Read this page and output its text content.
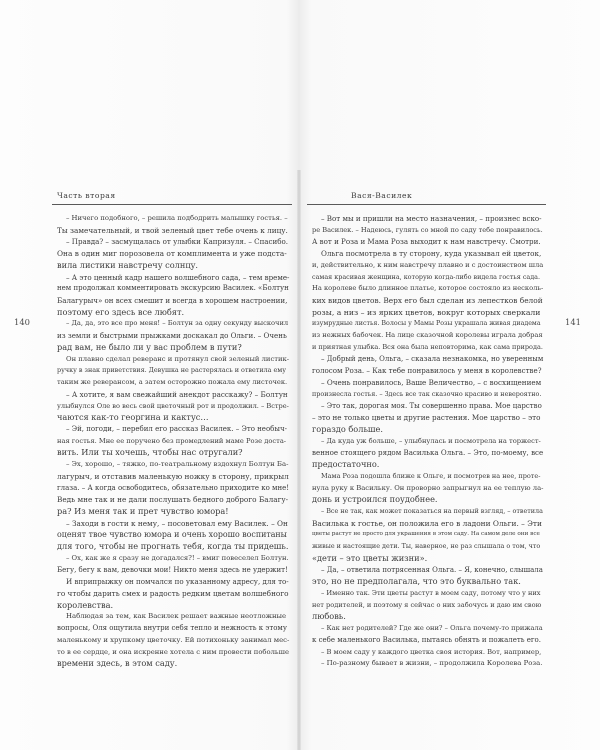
Часть вторая
140
– Ничего подобного, – решила подбодрить малышку гостья. –
Ты замечательный, и твой зеленый цвет тебе очень к лицу.
– Правда? – засмущалась от улыбки Капризуля. – Спасибо.
Она в один миг порозовела от комплимента и уже подста-
вила листики навстречу солнцу.
– А это ценный кадр нашего волшебного сада, – тем време-
нем продолжал комментировать экскурсию Василек. «Болтун
Балагурыч» он всех смешит и всегда в хорошем настроении,
поэтому его здесь все любят.
– Да, да, это все про меня! – Болтун за одну секунду выскочил
из земли и быстрыми прыжками доскакал до Ольги. – Очень
рад вам, не было ли у вас проблем в пути?
Он плавно сделал реверанс и протянул свой зеленый листик-
ручку в знак приветствия. Девушка не растерялась и ответила ему
таким же реверансом, а затем осторожно пожала ему листочек.
– А хотите, я вам свежайший анекдот расскажу? – Болтун
улыбнулся Оле во весь свой цветочный рот и продолжил. – Встре-
чаются как-то георгина и кактус…
– Эй, погоди, – перебил его рассказ Василек. – Это необыч-
ная гостья. Мне ее поручено без промедлений маме Розе доста-
вить. Или ты хочешь, чтобы нас отругали?
– Эх, хорошо, – тяжко, по-театральному вздохнул Болтун Ба-
лагурыч, и отставив маленькую ножку в сторону, прикрыл
глаза. – А когда освободитесь, обязательно приходите ко мне!
Ведь мне так и не дали послушать бедного доброго Балагу-
ра? Из меня так и прет чувство юмора!
– Заходи в гости к нему, – посоветовал ему Василек. – Он
оценят твое чувство юмора и очень хорошо воспитаны
для того, чтобы не прогнать тебя, когда ты придешь.
– Ох, как же я сразу не догадался?! – вмиг повеселел Болтун.
Бегу, бегу к вам, девочки мои! Никто меня здесь не удержит!
И вприпрыжку он помчался по указанному адресу, для то-
го чтобы дарить смех и радость редким цветам волшебного
королевства.
Наблюдая за тем, как Василек решает важные неотложные
вопросы, Оля ощутила внутри себя тепло и нежность к этому
маленькому и хрупкому цветочку. Ей потихоньку занимал мес-
то в ее сердце, и она искренне хотела с ним провести побольше
времени здесь, в этом саду.
Вася-Василек
141
– Вот мы и пришли на место назначения, – произнес вско-
ре Василек. – Надеюсь, гулять со мной по саду тебе понравилось.
А вот и Роза и Мама Роза выходит к нам навстречу. Смотри.
Ольга посмотрела в ту сторону, куда указывал ей цветок,
и, действительно, к ним навстречу плавно и с достоинством шла
самая красивая женщина, которую когда-либо видела гостья сада.
На королеве было длинное платье, которое состояло из несколь-
ких видов цветов. Верх его был сделан из лепестков белой
розы, а низ – из ярких цветов, вокруг которых сверкали
изумрудные листья. Волосы у Мамы Розы украшала живая диадема
из нежных бабочек. На лице сказочной королевы играла добрая
и приятная улыбка. Вся она была неповторима, как сама природа.
– Добрый день, Ольга, – сказала незнакомка, но уверенным
голосом Роза. – Как тебе понравилось у меня в королевстве?
– Очень понравилось, Ваше Величество, – с восхищением
произнесла гостья. – Здесь все так сказочно красиво и невероятно.
– Это так, дорогая моя. Ты совершенно права. Мое царство
– это не только цветы и другие растения. Мое царство – это
гораздо больше.
– Да куда уж больше, – улыбнулась и посмотрела на торжест-
венное стоящего рядом Василька Ольга. – Это, по-моему, все
предостаточно.
Мама Роза подошла ближе к Ольге, и посмотрев на нее, проте-
нула руку к Васильку. Он проворно запрыгнул на ее теплую ла-
донь и устроился поудобнее.
– Все не так, как может показаться на первый взгляд, – ответила
Василька к гостье, он положила его в ладони Ольги. – Эти
цветы растут не просто для украшения в этом саду. На самом деле они все
живые и настоящие дети. Ты, наверное, не раз слышала о том, что
«дети – это цветы жизни».
– Да, – ответила потрясенная Ольга. – Я, конечно, слышала
это, но не предполагала, что это буквально так.
– Именно так. Эти цветы растут в моем саду, потому что у них
нет родителей, и поэтому я сейчас о них забочусь и даю им свою
любовь.
– Как нет родителей? Где же они? – Ольга почему-то прижала
к себе маленького Василька, пытаясь обнять и пожалеть его.
– В моем саду у каждого цветка своя история. Вот, например,
– По-разному бывает в жизни, – продолжила Королева Роза.
